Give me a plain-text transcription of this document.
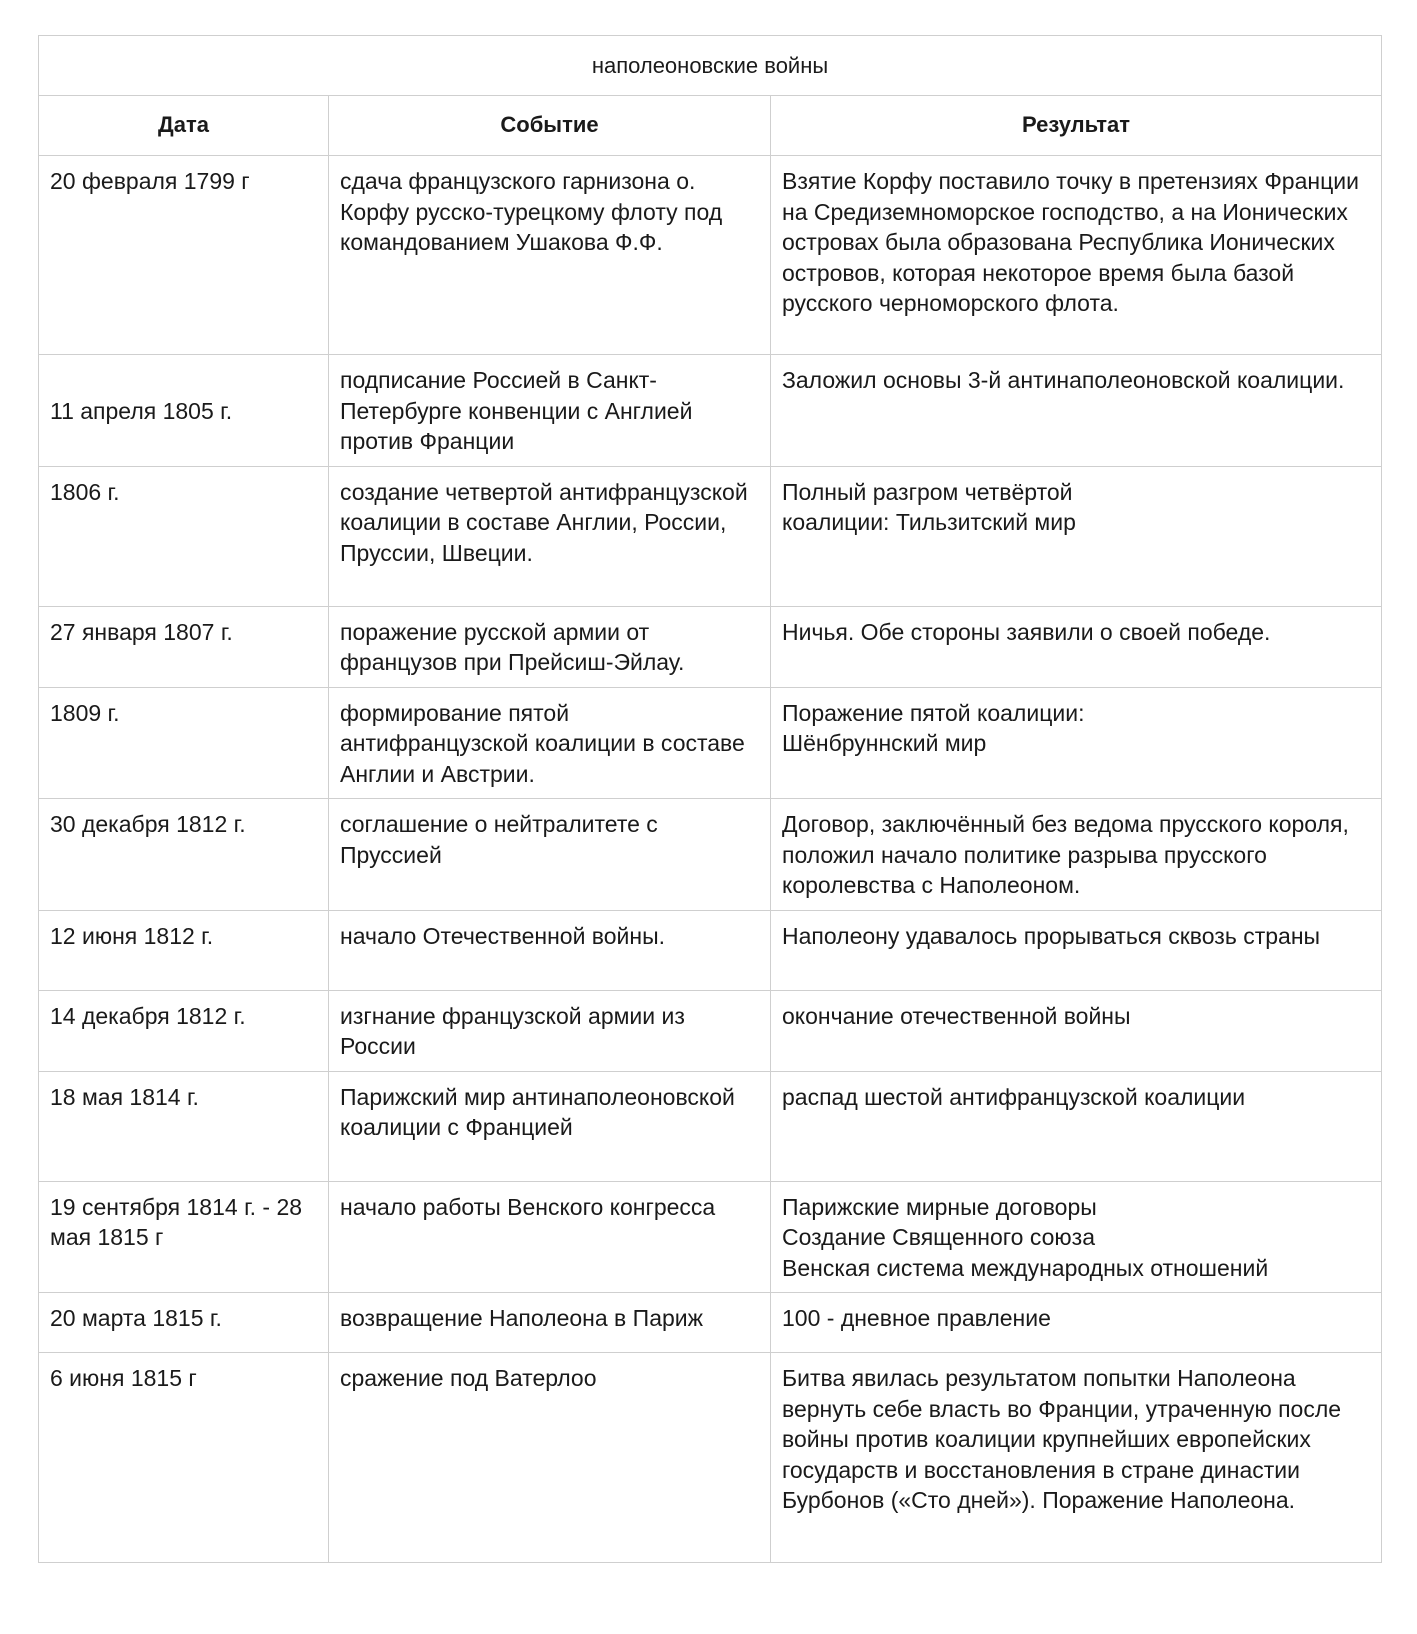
наполеоновские войны		
Дата	Событие	Результат
20 февраля 1799 г	сдача французского гарнизона о. Корфу русско-турецкому флоту под командованием Ушакова Ф.Ф.	Взятие Корфу поставило точку в претензиях Франции на Средиземноморское господство, а на Ионических островах была образована Республика Ионических островов, которая некоторое время была базой русского черноморского флота.

11 апреля 1805 г.	подписание Россией в Санкт-Петербурге конвенции с Англией против Франции	Заложил основы 3-й антинаполеоновской коалиции.

1806 г.	создание четвертой антифранцузской коалиции в составе Англии, России, Пруссии, Швеции.	Полный разгром четвёртой
коалиции: Тильзитский мир

27 января 1807 г.	поражение русской армии от французов при Прейсиш-Эйлау.	Ничья. Обе стороны заявили о своей победе.

1809 г.	формирование пятой антифранцузской коалиции в составе Англии и Австрии.	Поражение пятой коалиции:
Шёнбруннский мир

30 декабря 1812 г.	соглашение о нейтралитете с Пруссией	Договор, заключённый без ведома прусского короля, положил начало политике разрыва прусского королевства с Наполеоном.

12 июня 1812 г.	начало Отечественной войны.	Наполеону удавалось прорываться сквозь страны

14 декабря 1812 г.	изгнание французской армии из России	окончание отечественной войны

18 мая 1814 г.	Парижский мир антинаполеоновской коалиции с Францией	распад шестой антифранцузской коалиции

19 сентября 1814 г. - 28 мая 1815 г	начало работы Венского конгресса	Парижские мирные договоры
Создание Священного союза
Венская система международных отношений

20 марта 1815 г.	возвращение Наполеона в Париж	100 - дневное правление

6 июня 1815 г	сражение под Ватерлоо	Битва явилась результатом попытки Наполеона вернуть себе власть во Франции, утраченную после войны против коалиции крупнейших европейских государств и восстановления в стране династии Бурбонов («Сто дней»). Поражение Наполеона.
